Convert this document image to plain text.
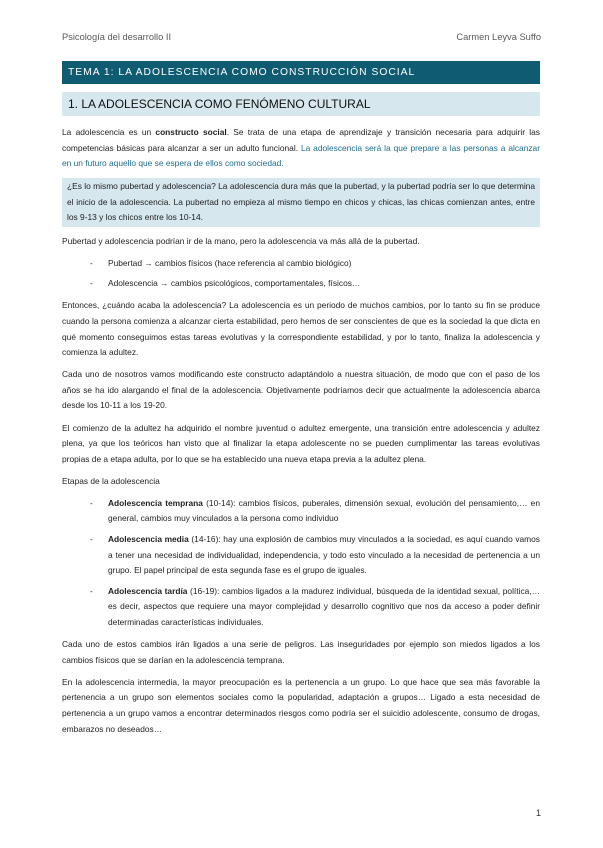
Psicología del desarrollo II	Carmen Leyva Suffo
TEMA 1: LA ADOLESCENCIA COMO CONSTRUCCIÓN SOCIAL
1. LA ADOLESCENCIA COMO FENÓMENO CULTURAL

La adolescencia es un constructo social. Se trata de una etapa de aprendizaje y transición necesaria para adquirir las competencias básicas para alcanzar a ser un adulto funcional. La adolescencia será la que prepare a las personas a alcanzar en un futuro aquello que se espera de ellos como sociedad.

¿Es lo mismo pubertad y adolescencia? La adolescencia dura más que la pubertad, y la pubertad podría ser lo que determina el inicio de la adolescencia. La pubertad no empieza al mismo tiempo en chicos y chicas, las chicas comienzan antes, entre los 9-13 y los chicos entre los 10-14.

Pubertad y adolescencia podrían ir de la mano, pero la adolescencia va más allá de la pubertad.

- Pubertad → cambios físicos (hace referencia al cambio biológico)
- Adolescencia → cambios psicológicos, comportamentales, físicos…

Entonces, ¿cuándo acaba la adolescencia? La adolescencia es un periodo de muchos cambios, por lo tanto su fin se produce cuando la persona comienza a alcanzar cierta estabilidad, pero hemos de ser conscientes de que es la sociedad la que dicta en qué momento conseguimos estas tareas evolutivas y la correspondiente estabilidad, y por lo tanto, finaliza la adolescencia y comienza la adultez.

Cada uno de nosotros vamos modificando este constructo adaptándolo a nuestra situación, de modo que con el paso de los años se ha ido alargando el final de la adolescencia. Objetivamente podríamos decir que actualmente la adolescencia abarca desde los 10-11 a los 19-20.

El comienzo de la adultez ha adquirido el nombre juventud o adultez emergente, una transición entre adolescencia y adultez plena, ya que los teóricos han visto que al finalizar la etapa adolescente no se pueden cumplimentar las tareas evolutivas propias de a etapa adulta, por lo que se ha establecido una nueva etapa previa a la adultez plena.

Etapas de la adolescencia

- Adolescencia temprana (10-14): cambios físicos, puberales, dimensión sexual, evolución del pensamiento,… en general, cambios muy vinculados a la persona como individuo
- Adolescencia media (14-16): hay una explosión de cambios muy vinculados a la sociedad, es aquí cuando vamos a tener una necesidad de individualidad, independencia, y todo esto vinculado a la necesidad de pertenencia a un grupo. El papel principal de esta segunda fase es el grupo de iguales.
- Adolescencia tardía (16-19): cambios ligados a la madurez individual, búsqueda de la identidad sexual, política,… es decir, aspectos que requiere una mayor complejidad y desarrollo cognitivo que nos da acceso a poder definir determinadas características individuales.

Cada uno de estos cambios irán ligados a una serie de peligros. Las inseguridades por ejemplo son miedos ligados a los cambios físicos que se darían en la adolescencia temprana.

En la adolescencia intermedia, la mayor preocupación es la pertenencia a un grupo. Lo que hace que sea más favorable la pertenencia a un grupo son elementos sociales como la popularidad, adaptación a grupos… Ligado a esta necesidad de pertenencia a un grupo vamos a encontrar determinados riesgos como podría ser el suicidio adolescente, consumo de drogas, embarazos no deseados…

1
